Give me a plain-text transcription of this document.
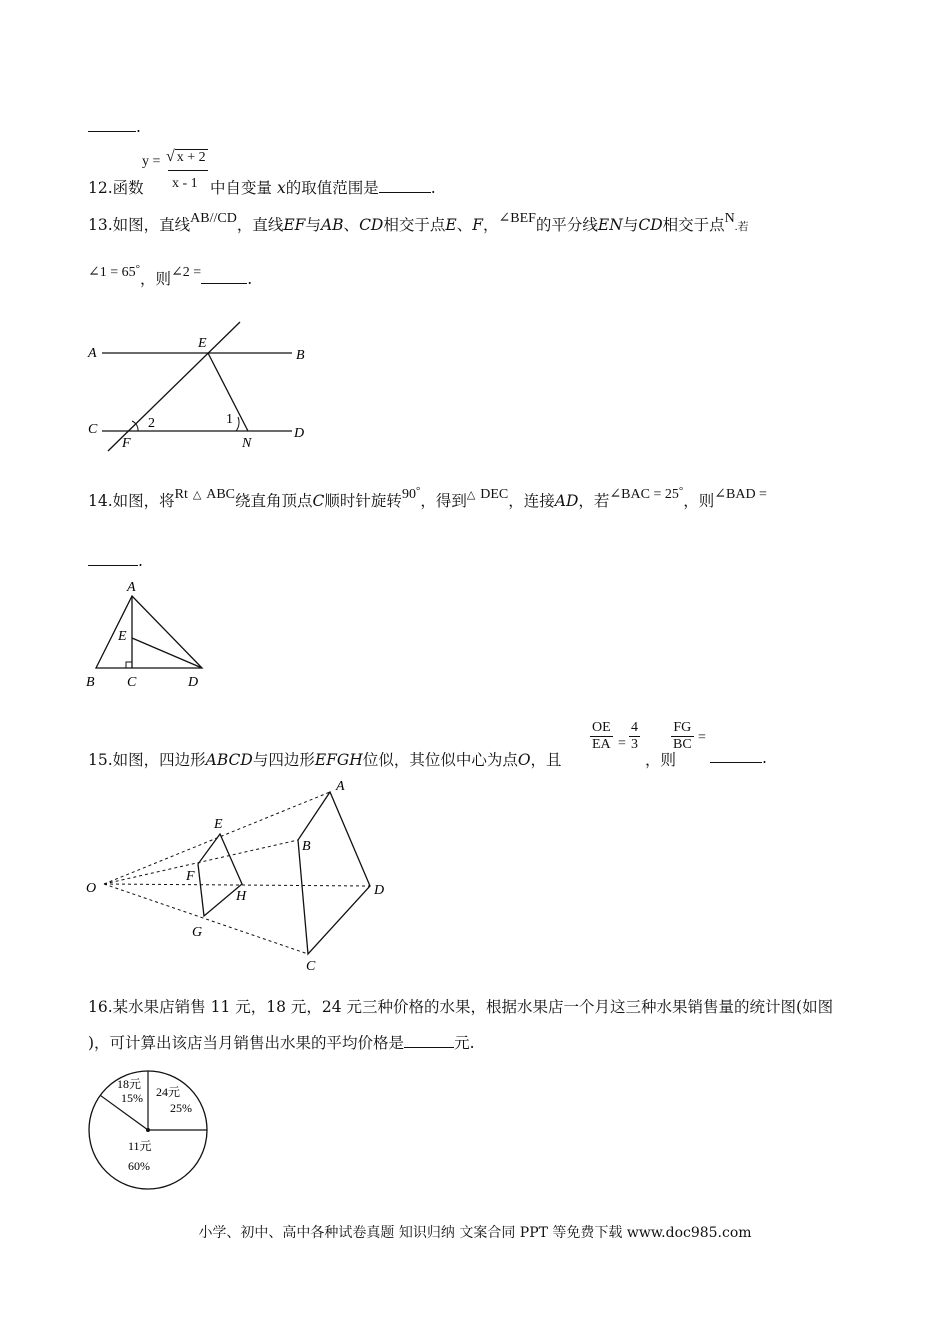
.
12.函数
y = √ x + 2
x - 1 中自变量 x的取值范围是	.
13.如图，直线AB//CD，直线EF与AB、CD相交于点E、F，∠BEF的平分线EN与CD相交于点N.若
∠1 = 65°，则∠2 =	.
A	B
C	D
E
F	N
1
2
14.如图，将Rt △ ABC绕直角顶点C顺时针旋转90°，得到△ DEC，连接AD，若∠BAC = 25°，则∠BAD =
.
A
E
B C	D
15.如图，四边形ABCD与四边形EFGH位似，其位似中心为点O，且
$\frac{OE}{EA} = \frac{4}{3}$
，则
$\frac{FG}{BC}$ =
.
O
A
B
C
D
E
F
G
H
16.某水果店销售 11 元，18 元，24 元三种价格的水果，根据水果店一个月这三种水果销售量的统计图(如图
)，可计算出该店当月销售出水果的平均价格是	元.
18元
15% 24元
25%
11元
60%
小学、初中、高中各种试卷真题 知识归纳 文案合同 PPT 等免费下载 www.doc985.com
